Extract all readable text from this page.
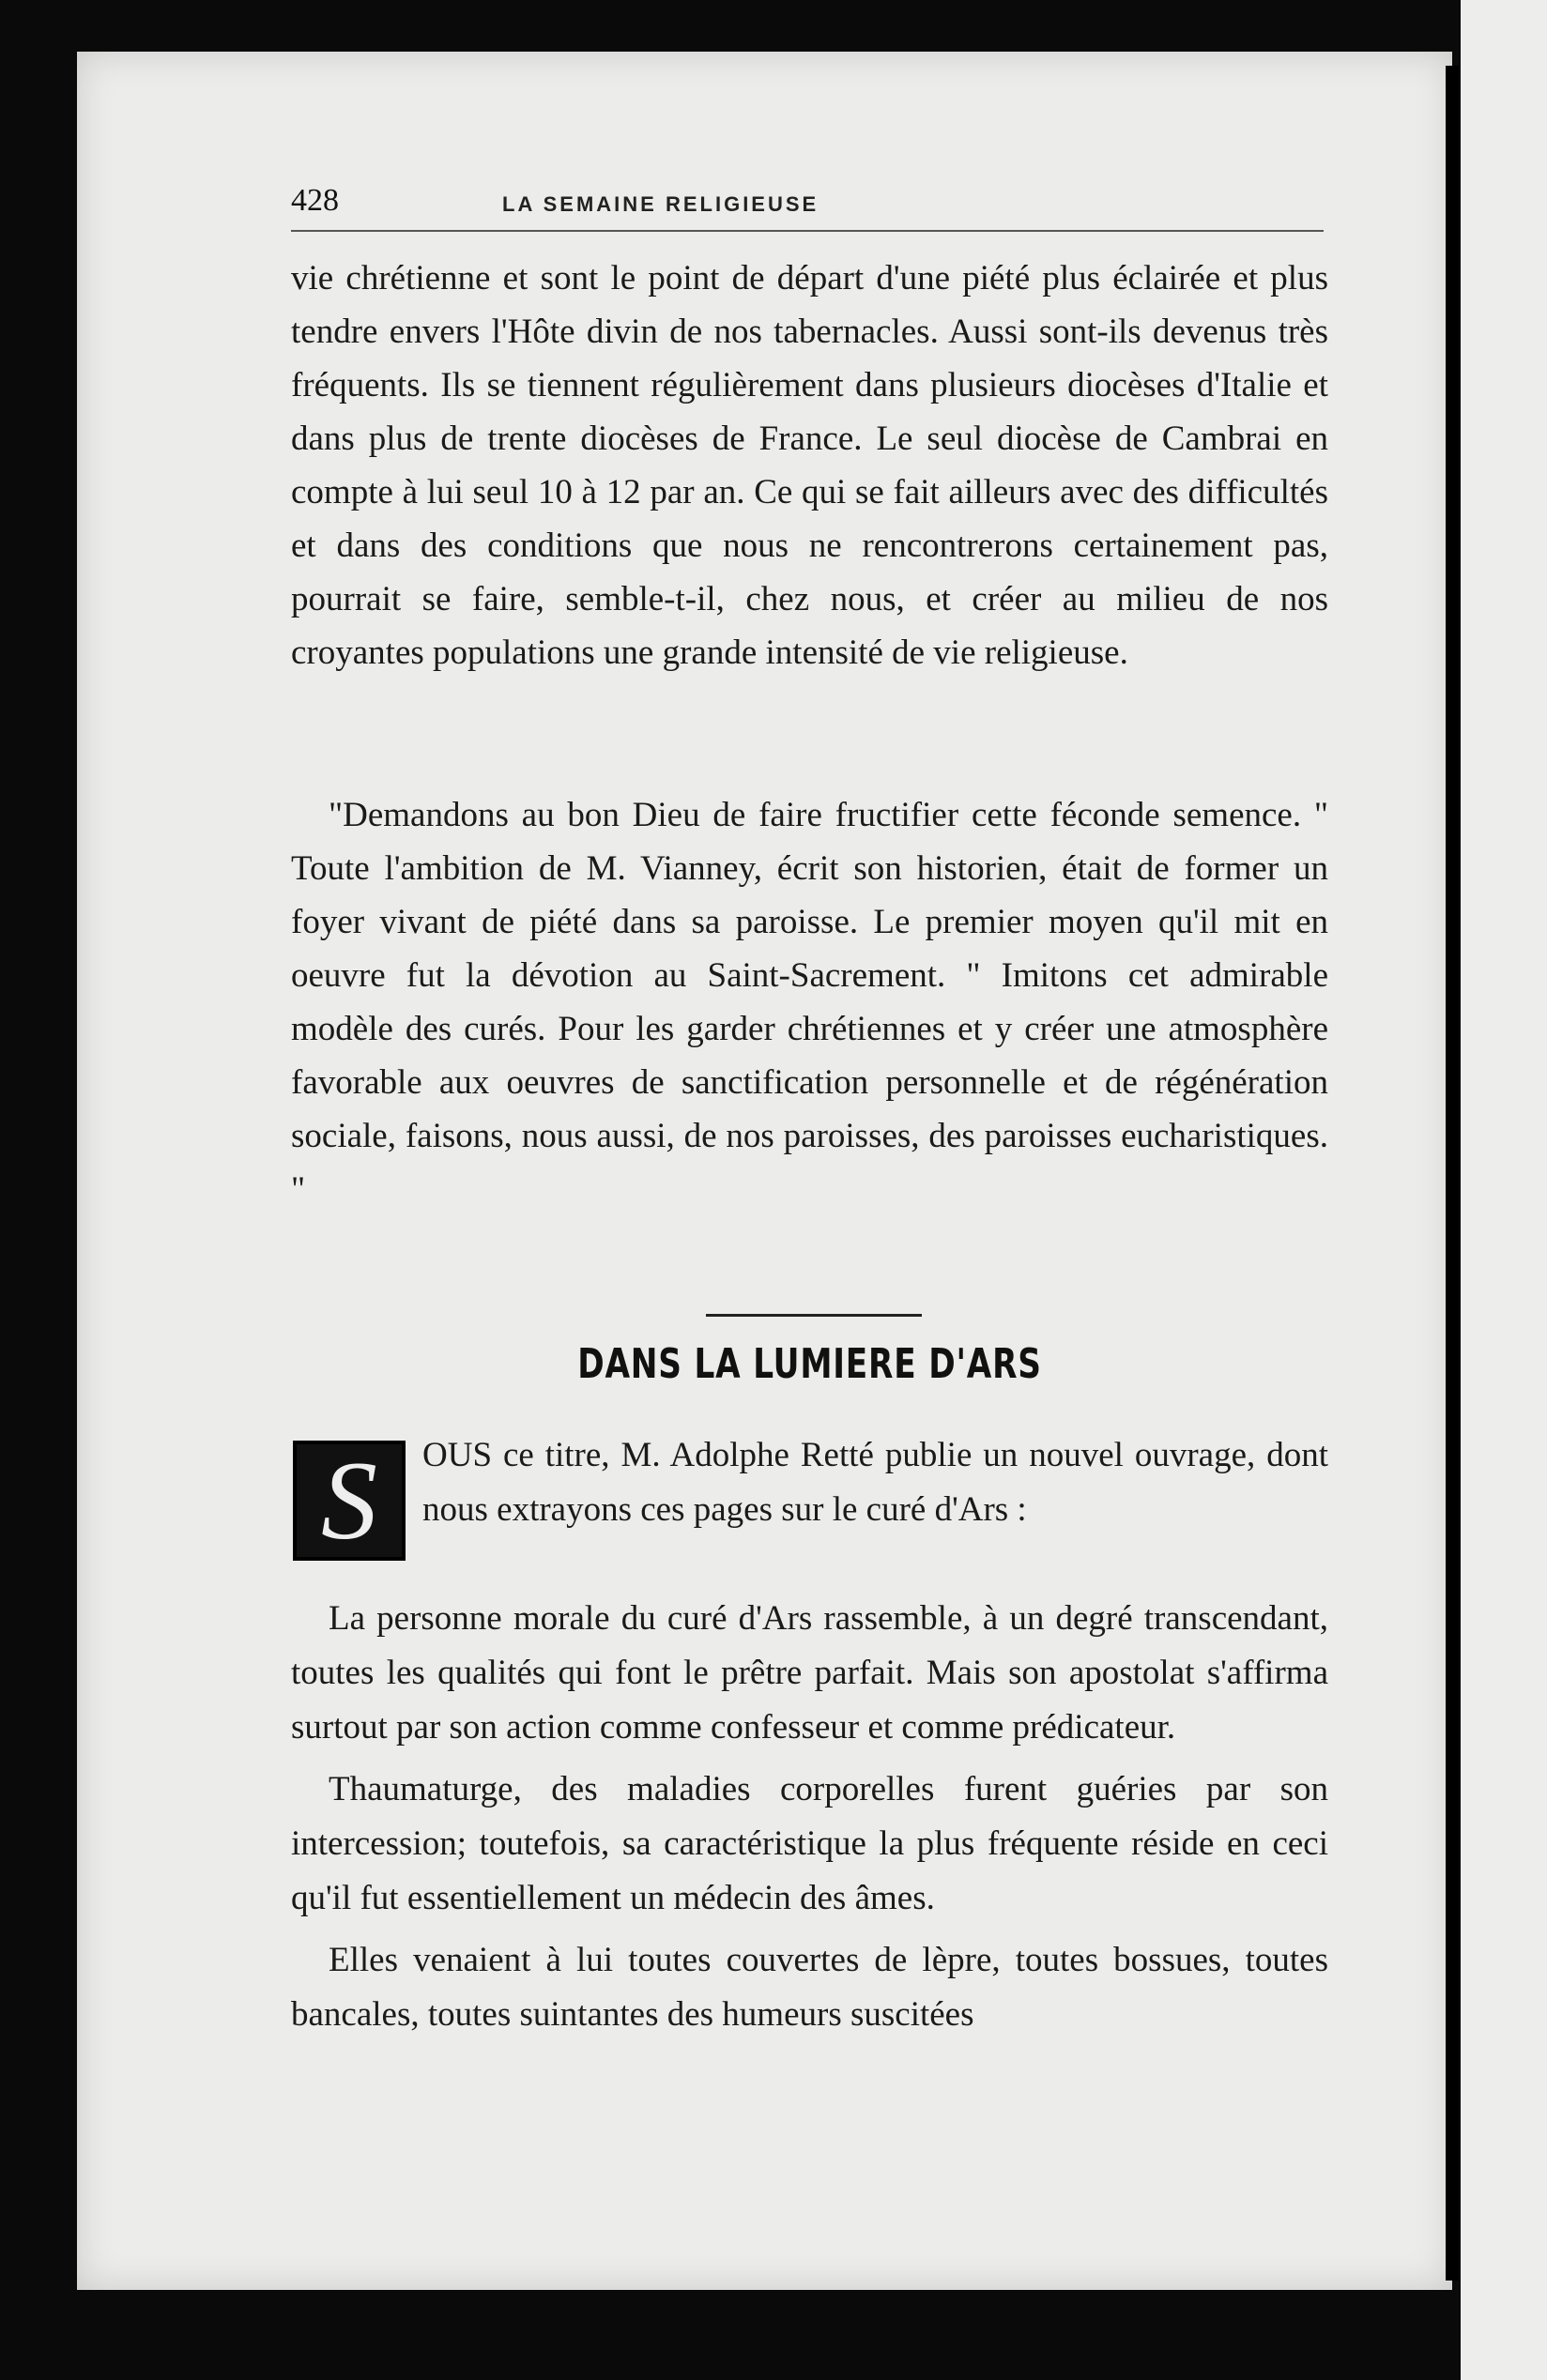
428	LA SEMAINE RELIGIEUSE
vie chrétienne et sont le point de départ d'une piété plus éclairée et plus tendre envers l'Hôte divin de nos tabernacles. Aussi sont-ils devenus très fréquents. Ils se tiennent régulièrement dans plusieurs diocèses d'Italie et dans plus de trente diocèses de France. Le seul diocèse de Cambrai en compte à lui seul 10 à 12 par an. Ce qui se fait ailleurs avec des difficultés et dans des conditions que nous ne rencontrerons certainement pas, pourrait se faire, semble-t-il, chez nous, et créer au milieu de nos croyantes populations une grande intensité de vie religieuse.
"Demandons au bon Dieu de faire fructifier cette féconde semence. " Toute l'ambition de M. Vianney, écrit son historien, était de former un foyer vivant de piété dans sa paroisse. Le premier moyen qu'il mit en oeuvre fut la dévotion au Saint-Sacrement. " Imitons cet admirable modèle des curés. Pour les garder chrétiennes et y créer une atmosphère favorable aux oeuvres de sanctification personnelle et de régénération sociale, faisons, nous aussi, de nos paroisses, des paroisses eucharistiques. "
DANS LA LUMIERE D'ARS
S	OUS ce titre, M. Adolphe Retté publie un nouvel ouvrage, dont nous extrayons ces pages sur le curé d'Ars :

La personne morale du curé d'Ars rassemble, à un degré transcendant, toutes les qualités qui font le prêtre parfait. Mais son apostolat s'affirma surtout par son action comme confesseur et comme prédicateur.

Thaumaturge, des maladies corporelles furent guéries par son intercession; toutefois, sa caractéristique la plus fréquente réside en ceci qu'il fut essentiellement un médecin des âmes.

Elles venaient à lui toutes couvertes de lèpre, toutes bossues, toutes bancales, toutes suintantes des humeurs suscitées
